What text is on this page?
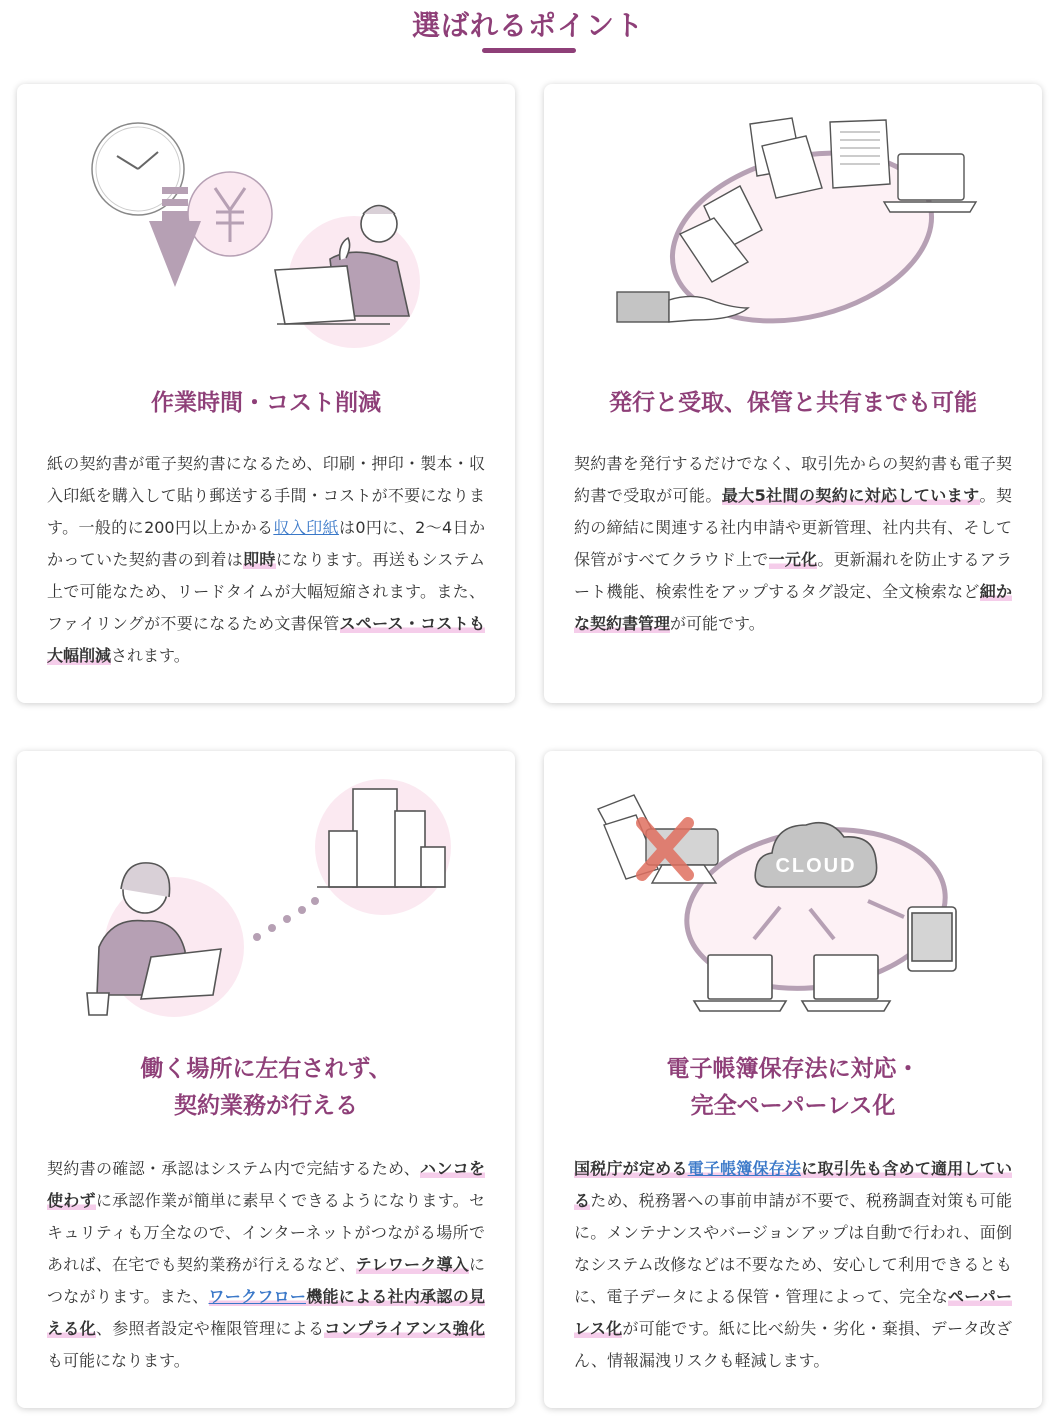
選ばれるポイント
作業時間・コスト削減
紙の契約書が電子契約書になるため、印刷・押印・製本・収入印紙を購入して貼り郵送する手間・コストが不要になります。一般的に200円以上かかる収入印紙は0円に、2〜4日かかっていた契約書の到着は即時になります。再送もシステム上で可能なため、リードタイムが大幅短縮されます。また、ファイリングが不要になるため文書保管スペース・コストも大幅削減されます。
発行と受取、保管と共有までも可能
契約書を発行するだけでなく、取引先からの契約書も電子契約書で受取が可能。最大5社間の契約に対応しています。契約の締結に関連する社内申請や更新管理、社内共有、そして保管がすべてクラウド上で一元化。更新漏れを防止するアラート機能、検索性をアップするタグ設定、全文検索など細かな契約書管理が可能です。
働く場所に左右されず、
契約業務が行える
契約書の確認・承認はシステム内で完結するため、ハンコを使わずに承認作業が簡単に素早くできるようになります。セキュリティも万全なので、インターネットがつながる場所であれば、在宅でも契約業務が行えるなど、テレワーク導入につながります。また、ワークフロー機能による社内承認の見える化、参照者設定や権限管理によるコンプライアンス強化も可能になります。
CLOUD
電子帳簿保存法に対応・
完全ペーパーレス化
国税庁が定める電子帳簿保存法に取引先も含めて適用しているため、税務署への事前申請が不要で、税務調査対策も可能に。メンテナンスやバージョンアップは自動で行われ、面倒なシステム改修などは不要なため、安心して利用できるともに、電子データによる保管・管理によって、完全なペーパーレス化が可能です。紙に比べ紛失・劣化・棄損、データ改ざん、情報漏洩リスクも軽減します。
